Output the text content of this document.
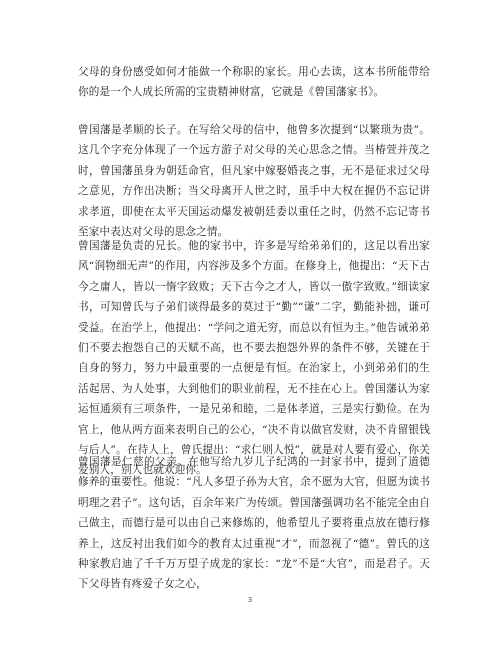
父母的身份感受如何才能做一个称职的家长。用心去读，这本书所能带给你的是一个人成长所需的宝贵精神财富，它就是《曾国藩家书》。

曾国藩是孝顺的长子。在写给父母的信中，他曾多次提到“以繁琐为贵”。这几个字充分体现了一个远方游子对父母的关心思念之情。当椿萱并茂之时，曾国藩虽身为朝廷命官，但凡家中嫁娶婚丧之事，无不是征求过父母之意见，方作出决断；当父母离开人世之时，虽手中大权在握仍不忘记讲求孝道，即使在太平天国运动爆发被朝廷委以重任之时，仍然不忘记寄书至家中表达对父母的思念之情。

曾国藩是负责的兄长。他的家书中，许多是写给弟弟们的，这足以看出家风“润物细无声”的作用，内容涉及多个方面。在修身上，他提出：“天下古今之庸人，皆以一惰字致败；天下古今之才人，皆以一傲字致败。”细读家书，可知曾氏与子弟们谈得最多的莫过于“勤”“谦”二字，勤能补拙，谦可受益。在治学上，他提出：“学问之道无穷，而总以有恒为主。”他告诫弟弟们不要去抱怨自己的天赋不高，也不要去抱怨外界的条件不够，关键在于自身的努力，努力中最重要的一点便是有恒。在治家上，小到弟弟们的生活起居、为人处事，大到他们的职业前程，无不挂在心上。曾国藩认为家运恒通须有三项条件，一是兄弟和睦，二是体孝道，三是实行勤俭。在为官上，他从两方面来表明自己的公心，“决不肯以做官发财，决不肯留银钱与后人”。在待人上，曾氏提出：“求仁则人悦”，就是对人要有爱心，你关爱别人，别人也就欢迎你。

曾国藩是仁慈的父亲。在他写给九岁儿子纪鸿的一封家书中，提到了道德修养的重要性。他说：“凡人多望子孙为大官，余不愿为大官，但愿为读书明理之君子”。这句话，百余年来广为传颂。曾国藩强调功名不能完全由自己做主，而德行是可以由自己来修炼的，他希望儿子要将重点放在德行修养上，这反衬出我们如今的教育太过重视“才”，而忽视了“德”。曾氏的这种家教启迪了千千万万望子成龙的家长：“龙”不是“大官”，而是君子。天下父母皆有疼爱子女之心，

3
